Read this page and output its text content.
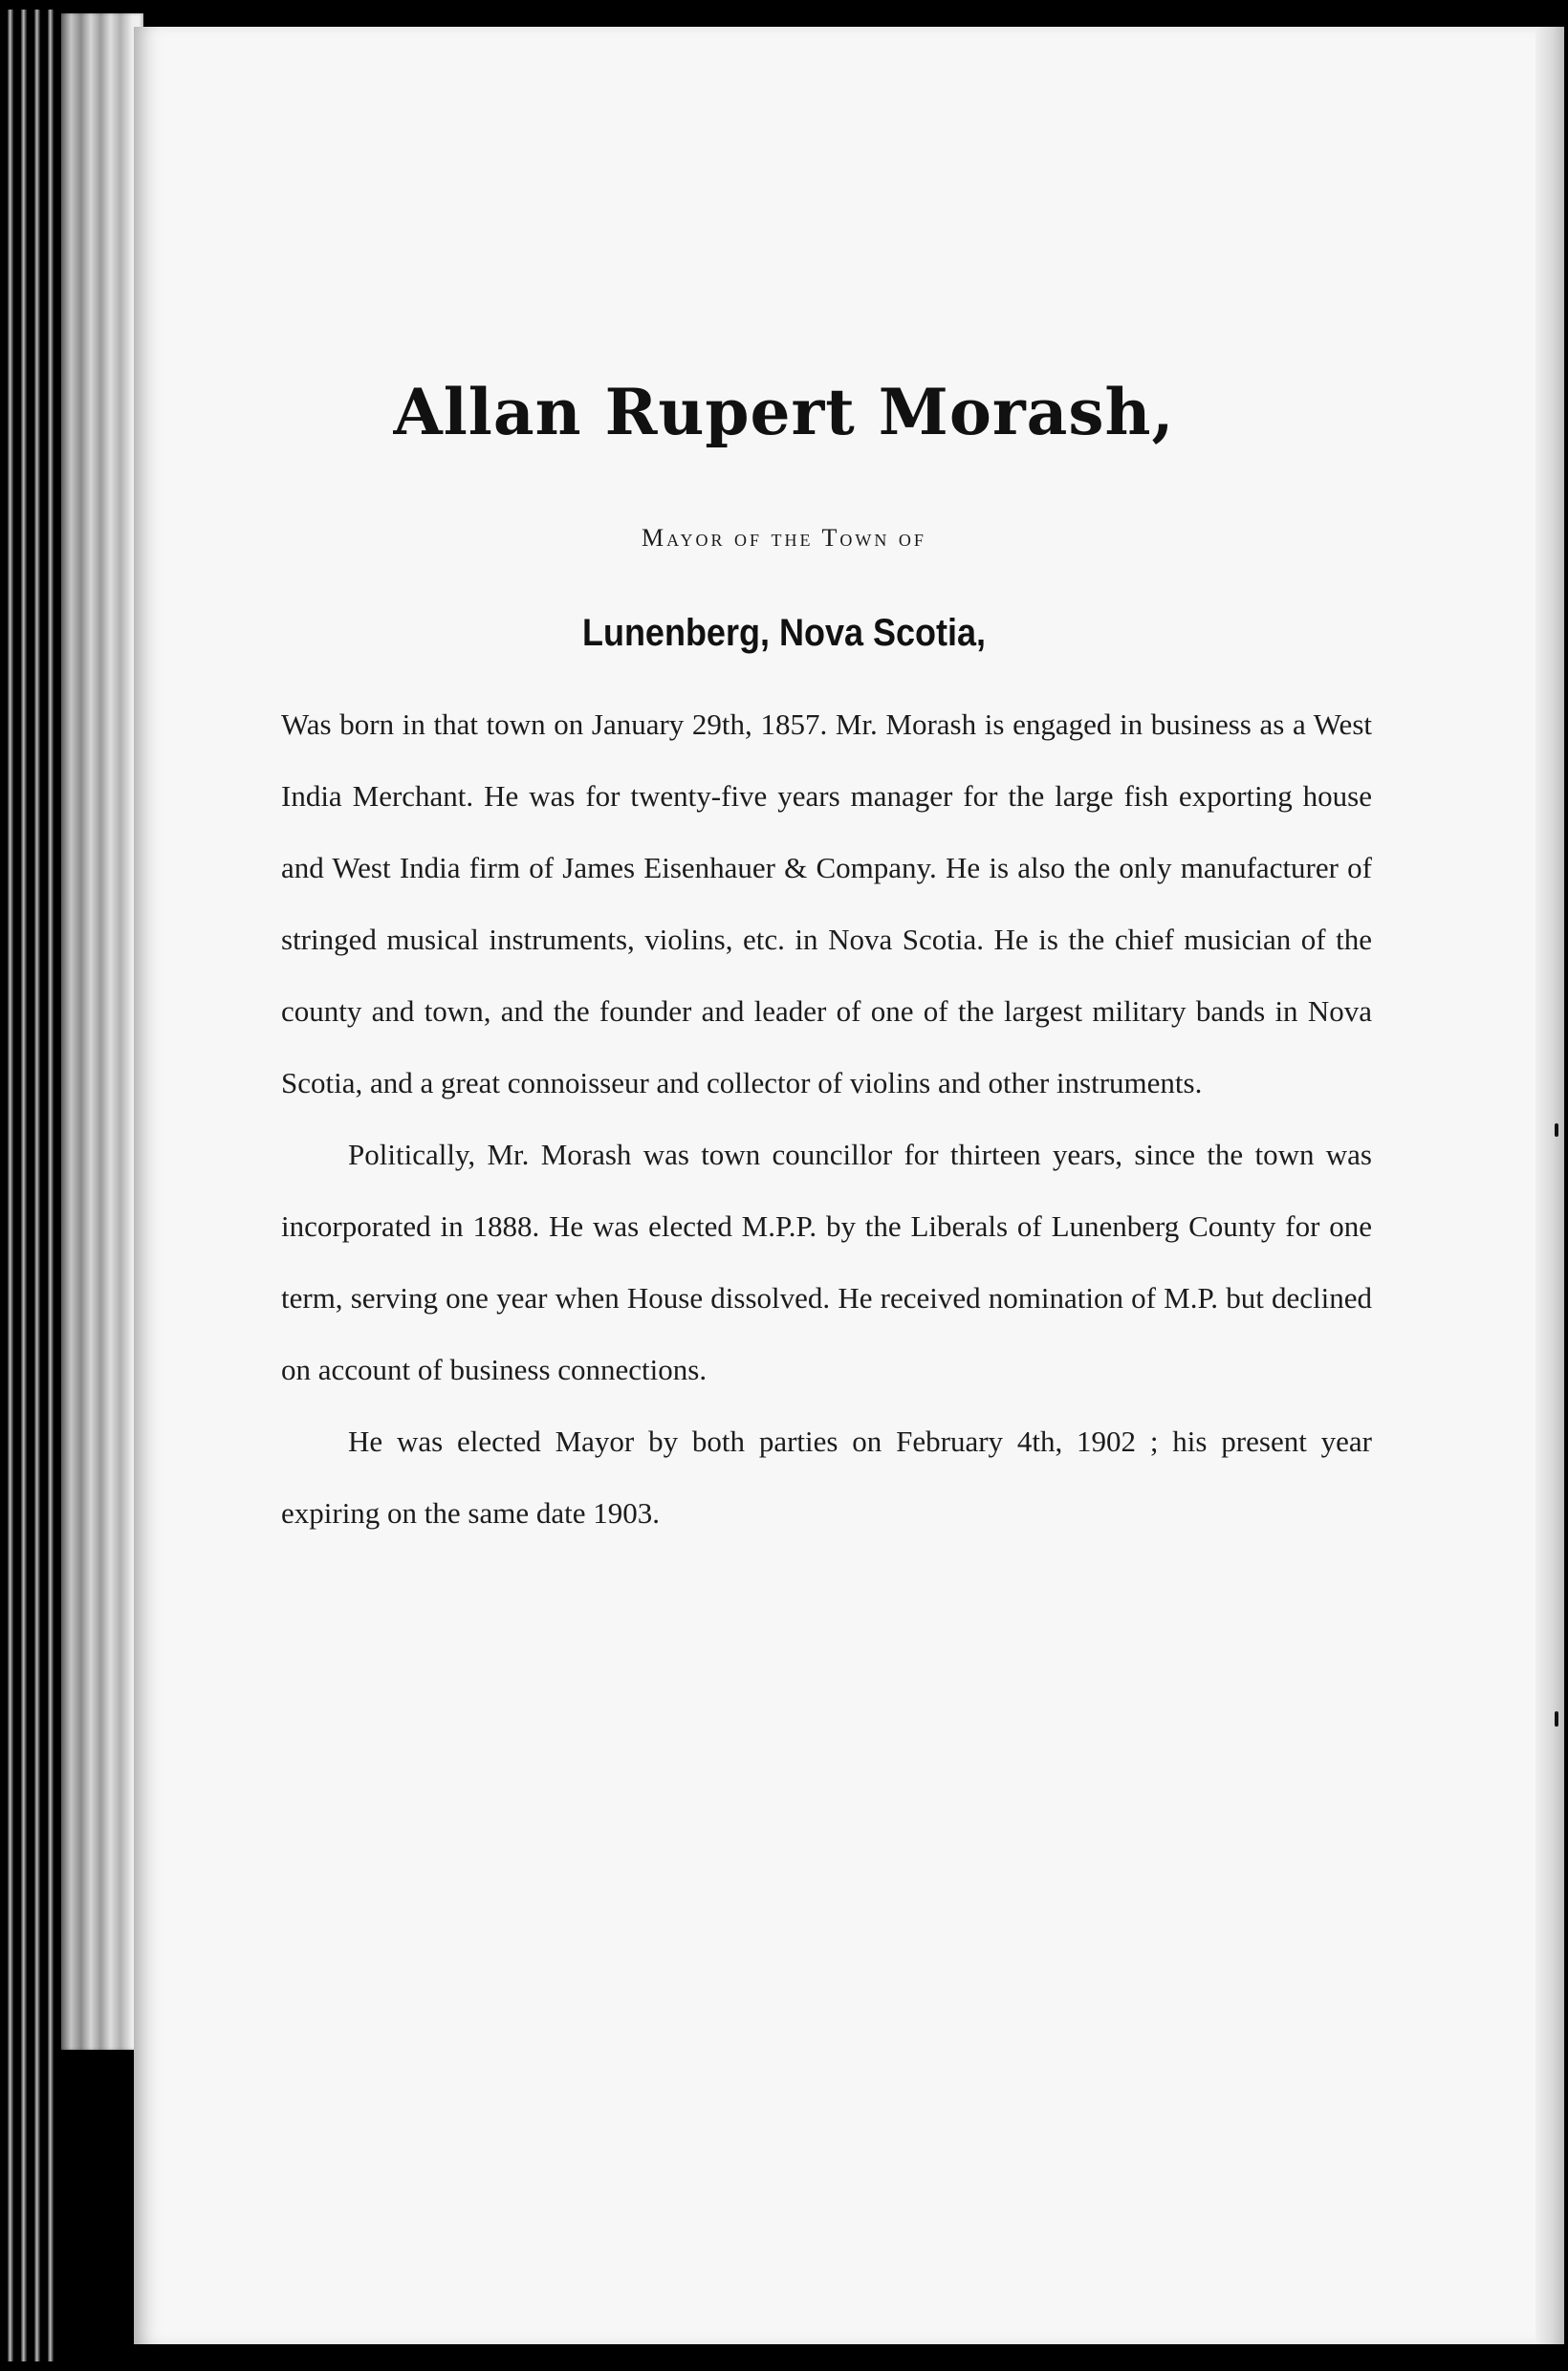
Allan Rupert Morash,
Mayor of the Town of
Lunenberg, Nova Scotia,

Was born in that town on January 29th, 1857. Mr. Morash is engaged in business as a West India Merchant. He was for twenty-five years manager for the large fish exporting house and West India firm of James Eisenhauer & Company. He is also the only manufacturer of stringed musical instruments, violins, etc. in Nova Scotia. He is the chief musician of the county and town, and the founder and leader of one of the largest military bands in Nova Scotia, and a great connoisseur and collector of violins and other instruments.

Politically, Mr. Morash was town councillor for thirteen years, since the town was incorporated in 1888. He was elected M.P.P. by the Liberals of Lunenberg County for one term, serving one year when House dissolved. He received nomination of M.P. but declined on account of business connections.

He was elected Mayor by both parties on February 4th, 1902 ; his present year expiring on the same date 1903.
